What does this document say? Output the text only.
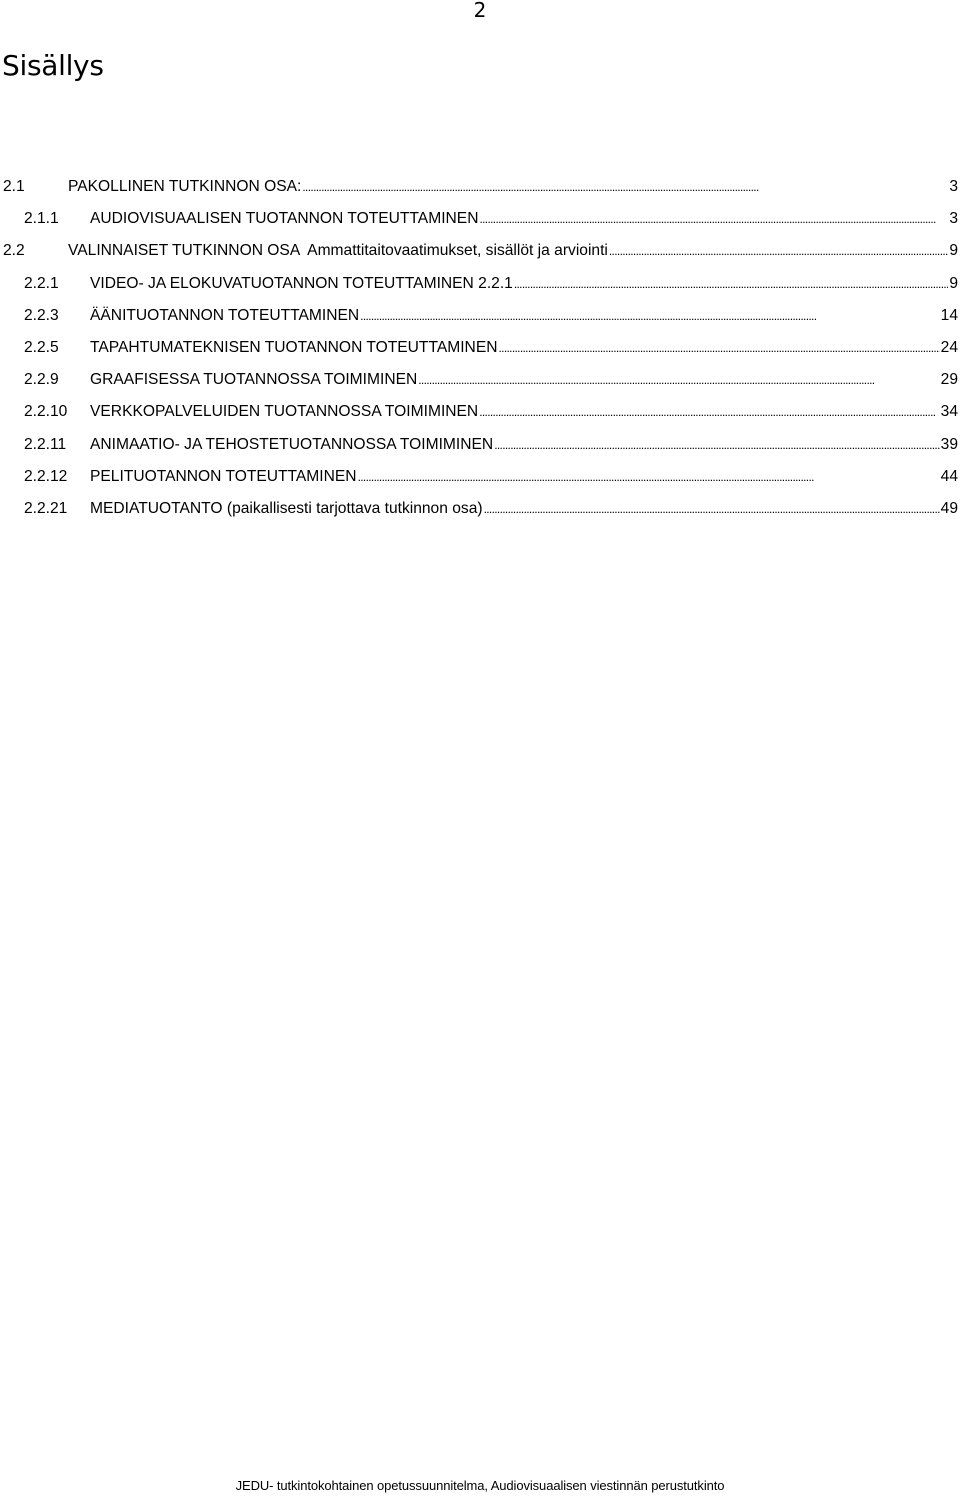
2
Sisällys
2.1	PAKOLLINEN TUTKINNON OSA: . . .	3
2.1.1	AUDIOVISUAALISEN TUOTANNON TOTEUTTAMINEN . . .	3
2.2	VALINNAISET TUTKINNON OSA  Ammattitaitovaatimukset, sisällöt ja arviointi . . .	9
2.2.1	VIDEO- JA ELOKUVATUOTANNON TOTEUTTAMINEN 2.2.1 . . .	9
2.2.3	ÄÄNITUOTANNON TOTEUTTAMINEN . . .	14
2.2.5	TAPAHTUMATEKNISEN TUOTANNON TOTEUTTAMINEN . . .	24
2.2.9	GRAAFISESSA TUOTANNOSSA TOIMIMINEN . . .	29
2.2.10	VERKKOPALVELUIDEN TUOTANNOSSA TOIMIMINEN . . .	34
2.2.11	ANIMAATIO- JA TEHOSTETUOTANNOSSA TOIMIMINEN . . .	39
2.2.12	PELITUOTANNON TOTEUTTAMINEN . . .	44
2.2.21	MEDIATUOTANTO (paikallisesti tarjottava tutkinnon osa) . . .	49
JEDU- tutkintokohtainen opetussuunnitelma, Audiovisuaalisen viestinnän perustutkinto
